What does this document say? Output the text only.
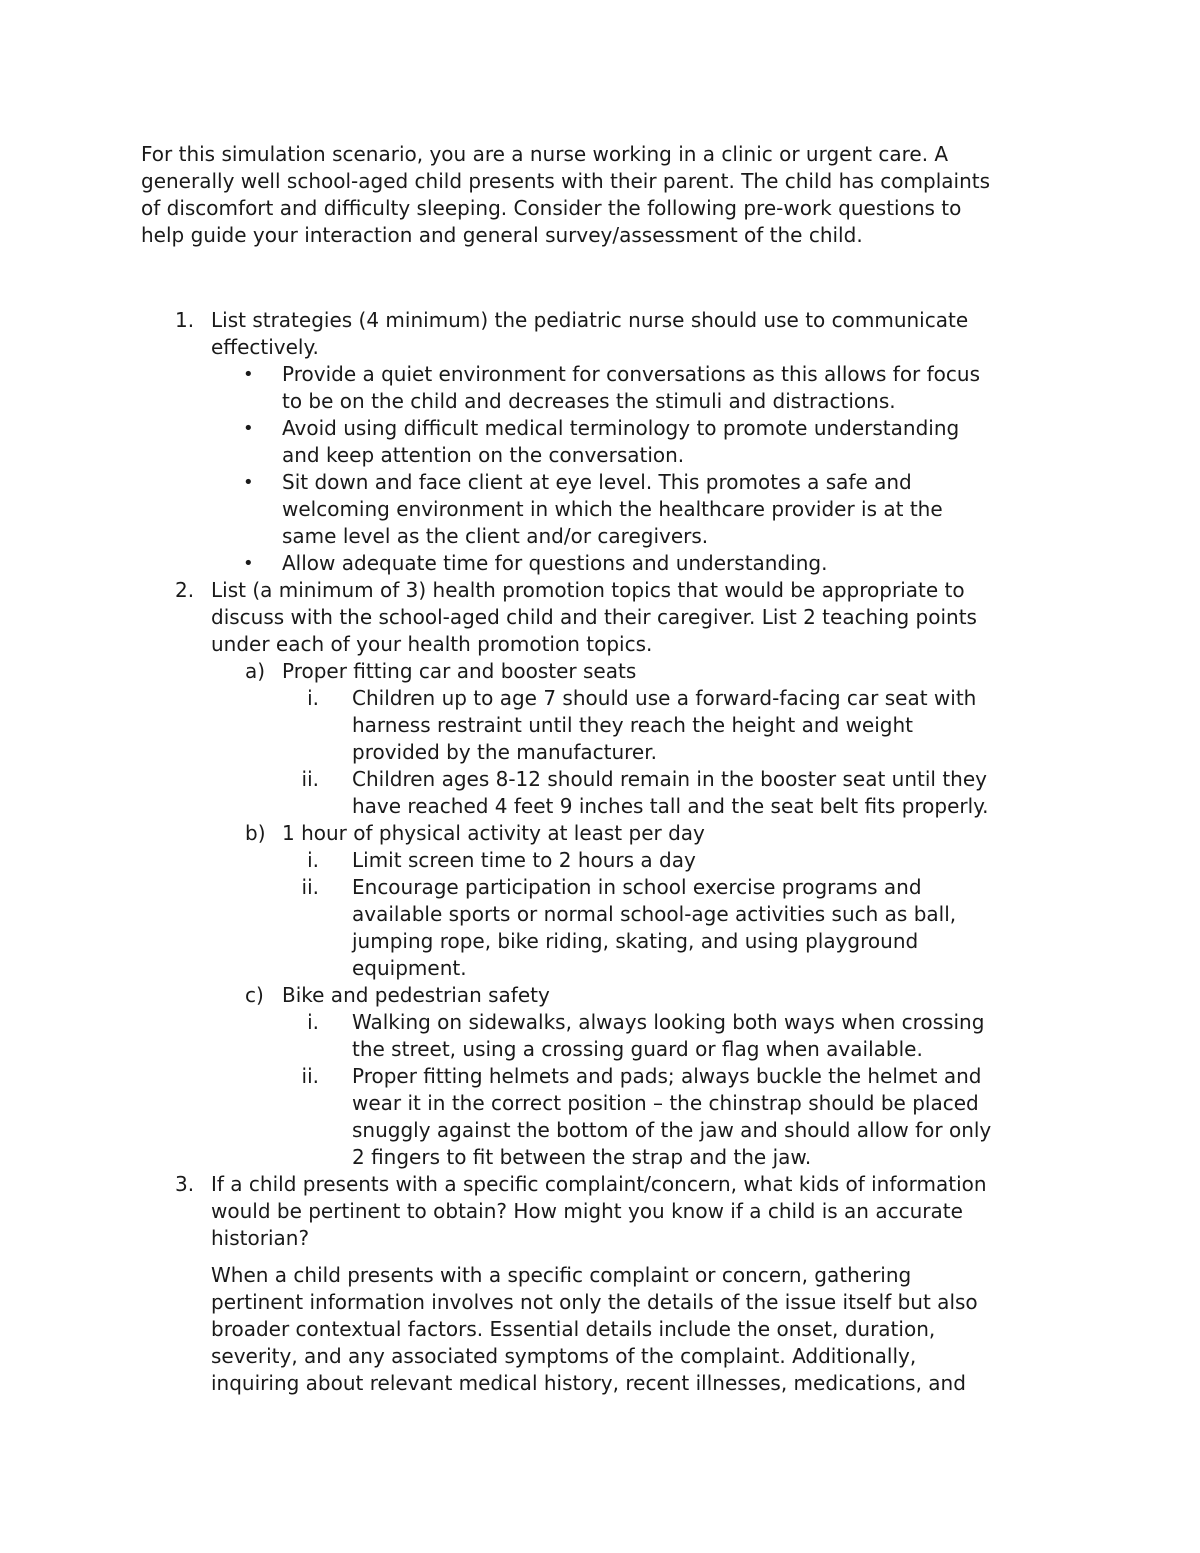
For this simulation scenario, you are a nurse working in a clinic or urgent care. A
generally well school-aged child presents with their parent. The child has complaints
of discomfort and difficulty sleeping. Consider the following pre-work questions to
help guide your interaction and general survey/assessment of the child.
1. List strategies (4 minimum) the pediatric nurse should use to communicate
effectively.
• Provide a quiet environment for conversations as this allows for focus
to be on the child and decreases the stimuli and distractions.
• Avoid using difficult medical terminology to promote understanding
and keep attention on the conversation.
• Sit down and face client at eye level. This promotes a safe and
welcoming environment in which the healthcare provider is at the
same level as the client and/or caregivers.
• Allow adequate time for questions and understanding.
2. List (a minimum of 3) health promotion topics that would be appropriate to
discuss with the school-aged child and their caregiver. List 2 teaching points
under each of your health promotion topics.
a) Proper fitting car and booster seats
i. Children up to age 7 should use a forward-facing car seat with
harness restraint until they reach the height and weight
provided by the manufacturer.
ii. Children ages 8-12 should remain in the booster seat until they
have reached 4 feet 9 inches tall and the seat belt fits properly.
b) 1 hour of physical activity at least per day
i. Limit screen time to 2 hours a day
ii. Encourage participation in school exercise programs and
available sports or normal school-age activities such as ball,
jumping rope, bike riding, skating, and using playground
equipment.
c) Bike and pedestrian safety
i. Walking on sidewalks, always looking both ways when crossing
the street, using a crossing guard or flag when available.
ii. Proper fitting helmets and pads; always buckle the helmet and
wear it in the correct position – the chinstrap should be placed
snuggly against the bottom of the jaw and should allow for only
2 fingers to fit between the strap and the jaw.
3. If a child presents with a specific complaint/concern, what kids of information
would be pertinent to obtain? How might you know if a child is an accurate
historian?
When a child presents with a specific complaint or concern, gathering
pertinent information involves not only the details of the issue itself but also
broader contextual factors. Essential details include the onset, duration,
severity, and any associated symptoms of the complaint. Additionally,
inquiring about relevant medical history, recent illnesses, medications, and
